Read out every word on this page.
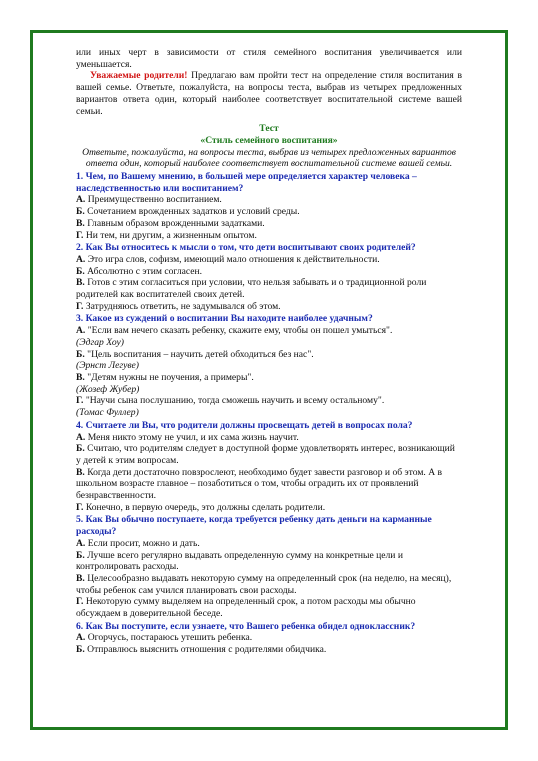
или иных черт в зависимости от стиля семейного воспитания увеличивается или уменьшается.

Уважаемые родители! Предлагаю вам пройти тест на определение стиля воспитания в вашей семье. Ответьте, пожалуйста, на вопросы теста, выбрав из четырех предложенных вариантов ответа один, который наиболее соответствует воспитательной системе вашей семьи.

Тест

«Стиль семейного воспитания»

Ответьте, пожалуйста, на вопросы теста, выбрав из четырех предложенных вариантов ответа один, который наиболее соответствует воспитательной системе вашей семьи.

1. Чем, по Вашему мнению, в большей мере определяется характер человека – наследственностью или воспитанием?

А. Преимущественно воспитанием.

Б. Сочетанием врожденных задатков и условий среды.

В. Главным образом врожденными задатками.

Г. Ни тем, ни другим, а жизненным опытом.

2. Как Вы относитесь к мысли о том, что дети воспитывают своих родителей?

А. Это игра слов, софизм, имеющий мало отношения к действительности.

Б. Абсолютно с этим согласен.

В. Готов с этим согласиться при условии, что нельзя забывать и о традиционной роли родителей как воспитателей своих детей.

Г. Затрудняюсь ответить, не задумывался об этом.

3. Какое из суждений о воспитании Вы находите наиболее удачным?

А. "Если вам нечего сказать ребенку, скажите ему, чтобы он пошел умыться".

(Эдгар Хоу)

Б. "Цель воспитания – научить детей обходиться без нас".

(Эрнст Легуве)

В. "Детям нужны не поучения, а примеры".

(Жозеф Жубер)

Г. "Научи сына послушанию, тогда сможешь научить и всему остальному".

(Томас Фуллер)

4. Считаете ли Вы, что родители должны просвещать детей в вопросах пола?

А. Меня никто этому не учил, и их сама жизнь научит.

Б. Считаю, что родителям следует в доступной форме удовлетворять интерес, возникающий у детей к этим вопросам.

В. Когда дети достаточно повзрослеют, необходимо будет завести разговор и об этом. А в школьном возрасте главное – позаботиться о том, чтобы оградить их от проявлений безнравственности.

Г. Конечно, в первую очередь, это должны сделать родители.

5. Как Вы обычно поступаете, когда требуется ребенку дать деньги на карманные расходы?

А. Если просит, можно и дать.

Б. Лучше всего регулярно выдавать определенную сумму на конкретные цели и контролировать расходы.

В. Целесообразно выдавать некоторую сумму на определенный срок (на неделю, на месяц), чтобы ребенок сам учился планировать свои расходы.

Г. Некоторую сумму выделяем на определенный срок, а потом расходы мы обычно обсуждаем в доверительной беседе.

6. Как Вы поступите, если узнаете, что Вашего ребенка обидел одноклассник?

А. Огорчусь, постараюсь утешить ребенка.

Б. Отправлюсь выяснить отношения с родителями обидчика.
